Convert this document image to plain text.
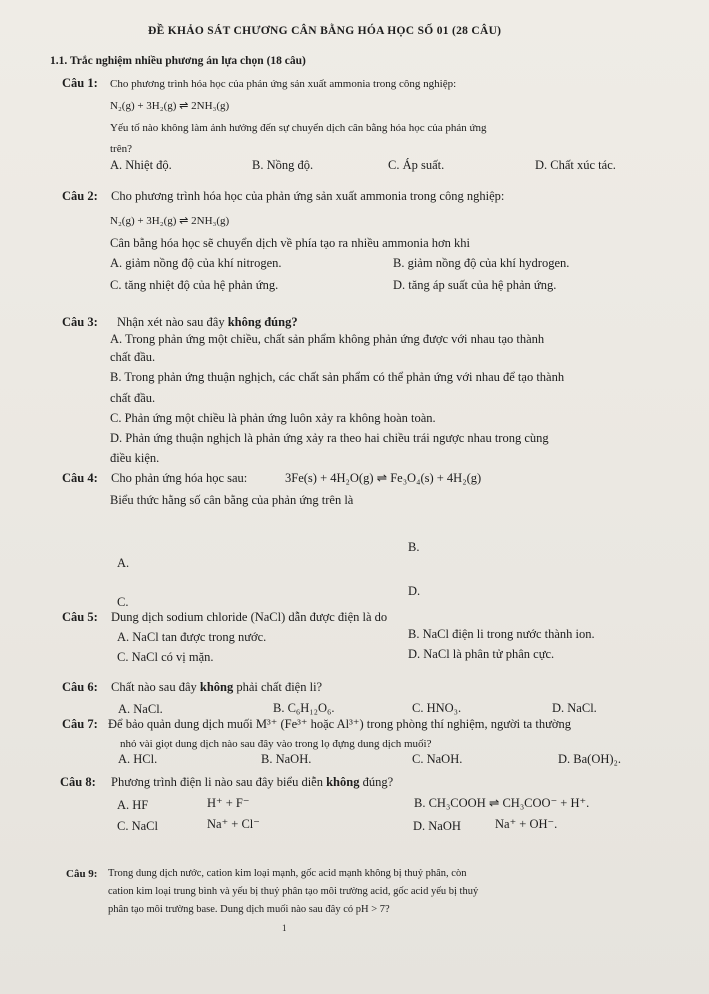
ĐỀ KHẢO SÁT CHƯƠNG CÂN BẰNG HÓA HỌC SỐ 01 (28 CÂU)
1.1. Trắc nghiệm nhiều phương án lựa chọn (18 câu)
Câu 1: Cho phương trình hóa học của phản ứng sản xuất ammonia trong công nghiệp:
N₂(g) + 3H₂(g) ⇌ 2NH₃(g)
Yếu tố nào không làm ảnh hưởng đến sự chuyển dịch cân bằng hóa học của phản ứng
trên?
A. Nhiệt độ.	B. Nồng độ.	C. Áp suất.	D. Chất xúc tác.
Câu 2: Cho phương trình hóa học của phản ứng sản xuất ammonia trong công nghiệp:
N₂(g) + 3H₂(g) ⇌ 2NH₃(g)
Cân bằng hóa học sẽ chuyển dịch về phía tạo ra nhiều ammonia hơn khi
A. giảm nồng độ của khí nitrogen.	B. giảm nồng độ của khí hydrogen.
C. tăng nhiệt độ của hệ phản ứng.	D. tăng áp suất của hệ phản ứng.
Câu 3: Nhận xét nào sau đây không đúng?
A. Trong phản ứng một chiều, chất sản phẩm không phản ứng được với nhau tạo thành
chất đầu.
B. Trong phản ứng thuận nghịch, các chất sản phẩm có thể phản ứng với nhau để tạo thành
chất đầu.
C. Phản ứng một chiều là phản ứng luôn xảy ra không hoàn toàn.
D. Phản ứng thuận nghịch là phản ứng xảy ra theo hai chiều trái ngược nhau trong cùng
điều kiện.
Câu 4: Cho phản ứng hóa học sau:	3Fe(s) + 4H₂O(g) ⇌ Fe₃O₄(s) + 4H₂(g)
Biểu thức hằng số cân bằng của phản ứng trên là
A.
B.
C.
D.
Câu 5: Dung dịch sodium chloride (NaCl) dẫn được điện là do
A. NaCl tan được trong nước.	B. NaCl điện li trong nước thành ion.
C. NaCl có vị mặn.	D. NaCl là phân tử phân cực.
Câu 6: Chất nào sau đây không phải chất điện li?
A. NaCl.	B. C₆H₁₂O₆.	C. HNO₃.	D. NaCl.
Câu 7: Để bảo quản dung dịch muối M³⁺ (Fe³⁺ hoặc Al³⁺) trong phòng thí nghiệm, người ta thường
nhỏ vài giọt dung dịch nào sau đây vào trong lọ đựng dung dịch muối?
A. HCl.	B. NaOH.	C. NaOH.	D. Ba(OH)₂.
Câu 8: Phương trình điện li nào sau đây biểu diễn không đúng?
A. HF	H⁺ + F⁻	B. CH₃COOH ⇌ CH₃COO⁻ + H⁺.
C. NaCl	Na⁺ + Cl⁻	D. NaOH	Na⁺ + OH⁻.
Câu 9: Trong dung dịch nước, cation kim loại mạnh, gốc acid mạnh không bị thuỷ phân, còn
cation kim loại trung bình và yếu bị thuỷ phân tạo môi trường acid, gốc acid yếu bị thuỷ
phân tạo môi trường base. Dung dịch muối nào sau đây có pH > 7?
1
